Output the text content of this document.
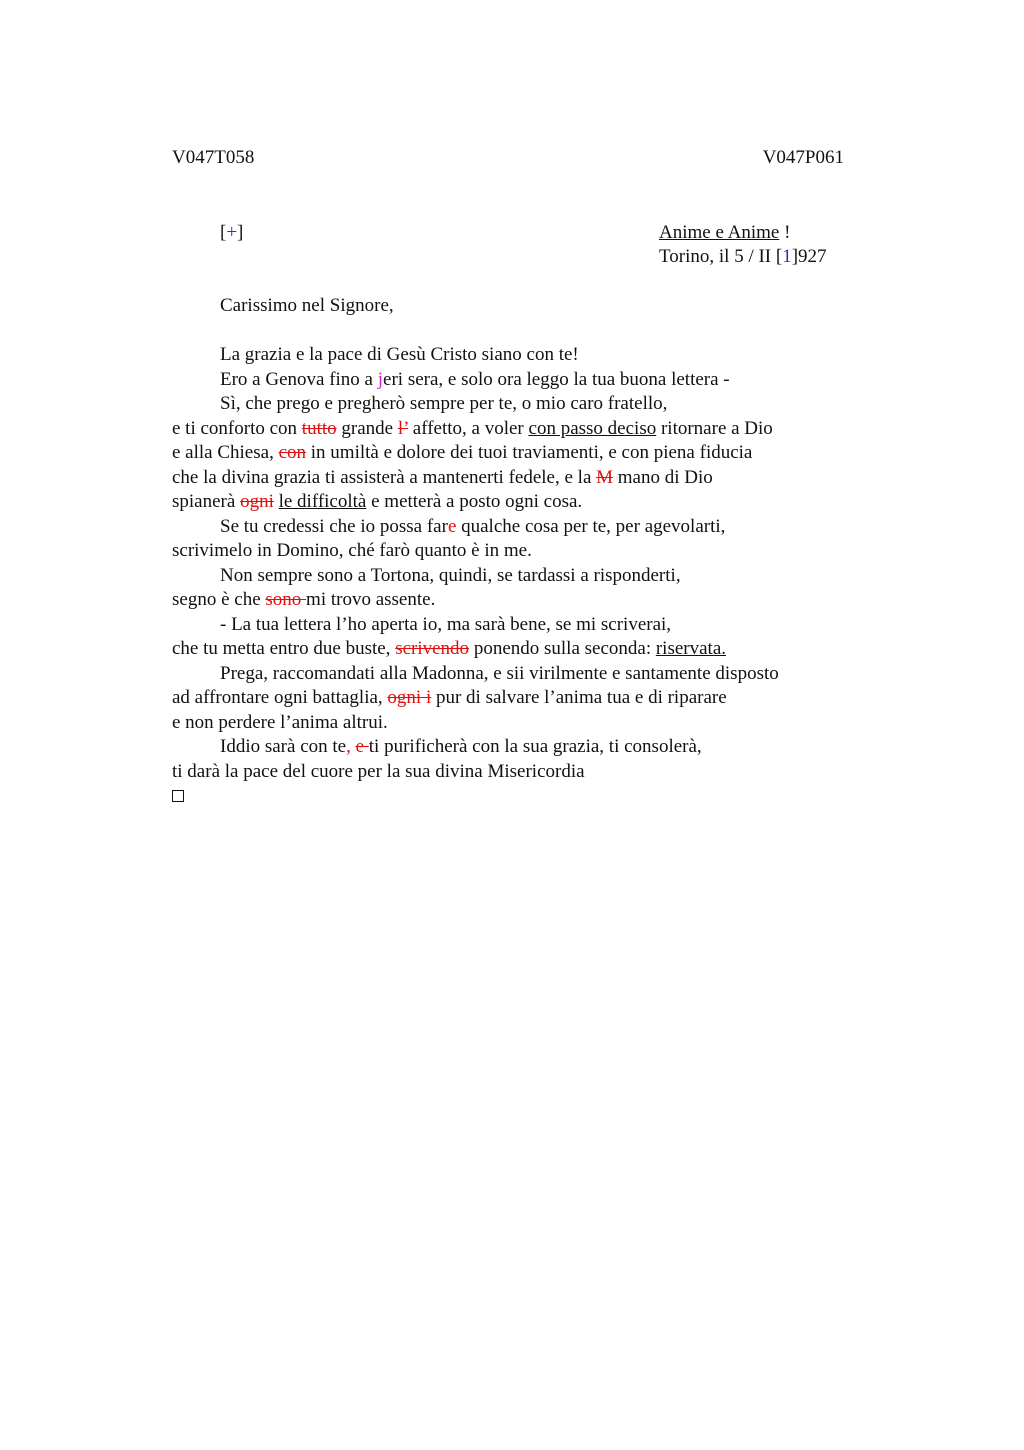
V047T058	V047P061
[+]	Anime e Anime !
Torino, il 5 / II [1]927

Carissimo nel Signore,

La grazia e la pace di Gesù Cristo siano con te!

Ero a Genova fino a jeri sera, e solo ora leggo la tua buona lettera -

Sì, che prego e pregherò sempre per te, o mio caro fratello,

e ti conforto con tutto grande l’ affetto, a voler con passo deciso ritornare a Dio

e alla Chiesa, con in umiltà e dolore dei tuoi traviamenti, e con piena fiducia

che la divina grazia ti assisterà a mantenerti fedele, e la M mano di Dio

spianerà ogni le difficoltà e metterà a posto ogni cosa.

Se tu credessi che io possa fare qualche cosa per te, per agevolarti,

scrivimelo in Domino, ché farò quanto è in me.

Non sempre sono a Tortona, quindi, se tardassi a risponderti,

segno è che sono mi trovo assente.

- La tua lettera l’ho aperta io, ma sarà bene, se mi scriverai,

che tu metta entro due buste, scrivendo ponendo sulla seconda: riservata.

Prega, raccomandati alla Madonna, e sii virilmente e santamente disposto

ad affrontare ogni battaglia, ogni i pur di salvare l’anima tua e di riparare

e non perdere l’anima altrui.

Iddio sarà con te, e ti purificherà con la sua grazia, ti consolerà,

ti darà la pace del cuore per la sua divina Misericordia
